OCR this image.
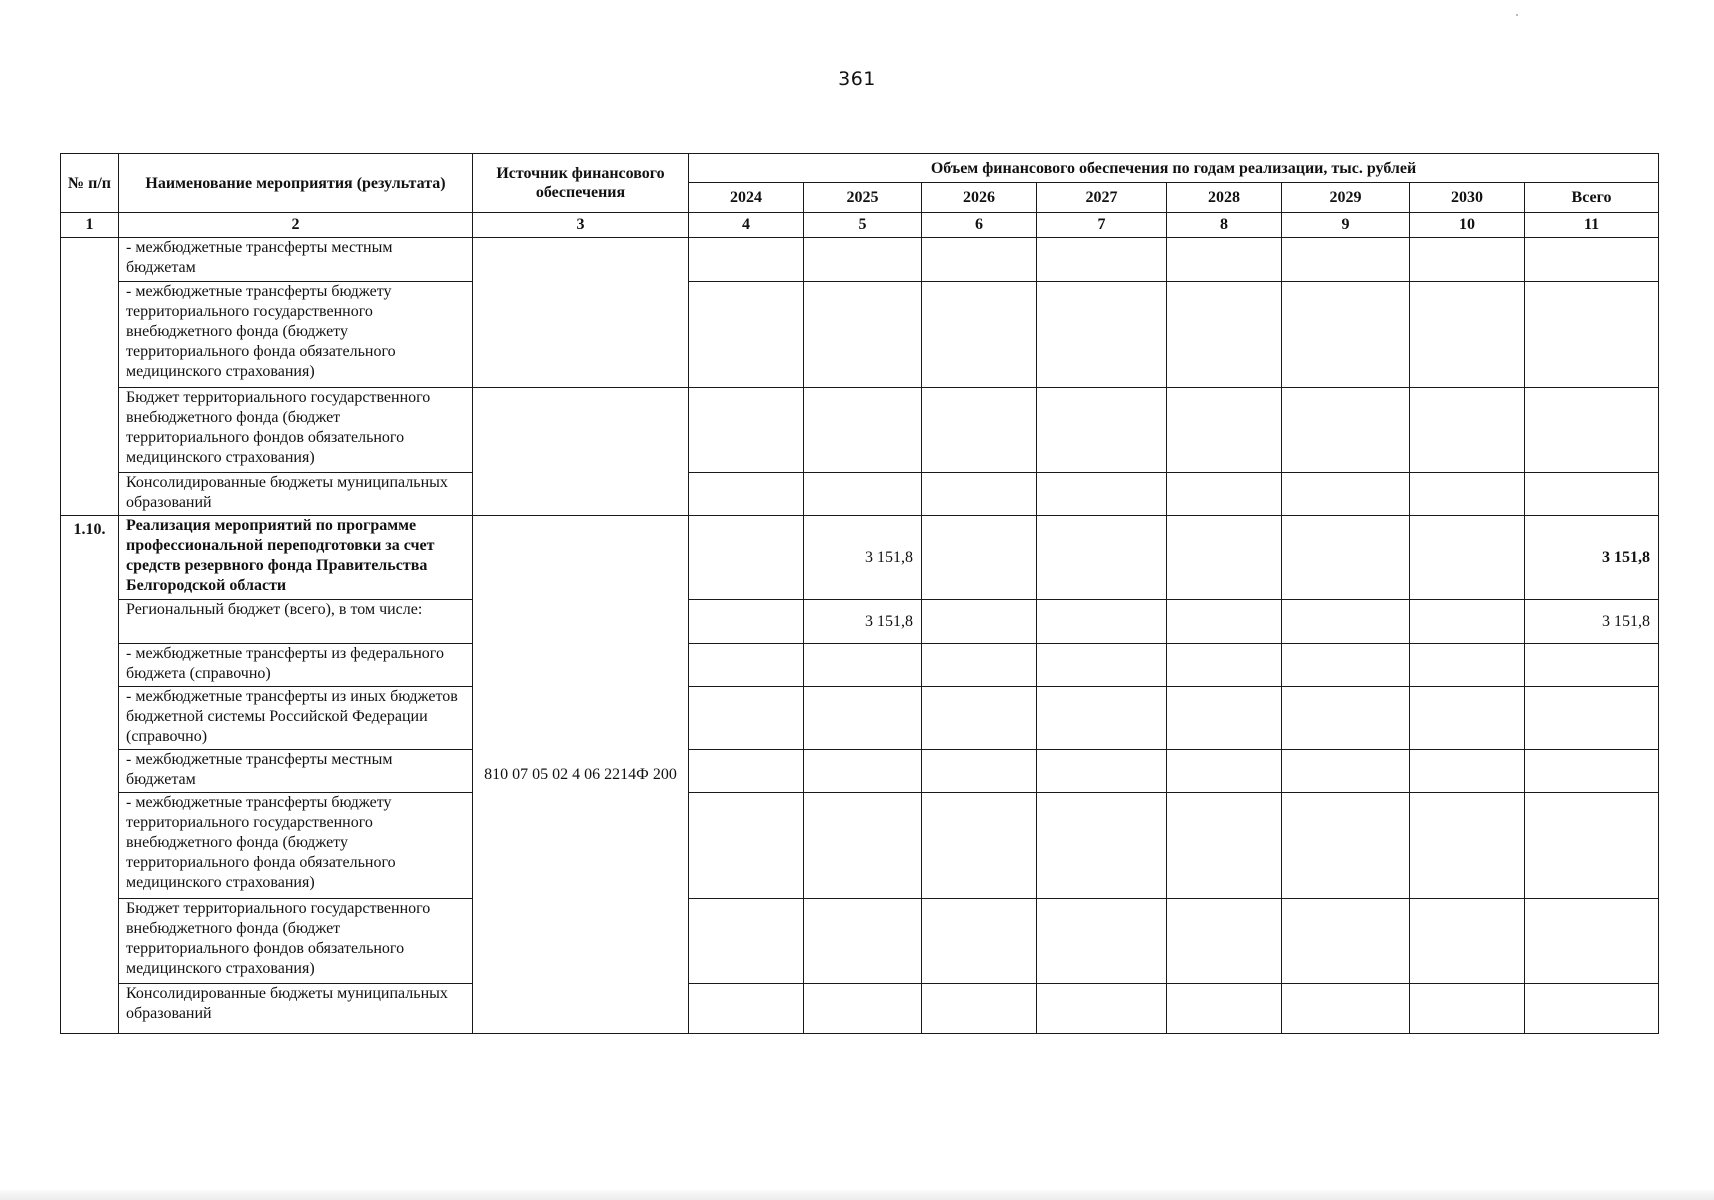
361
№ п/п	Наименование мероприятия (результата)	Источник финансового обеспечения	Объем финансового обеспечения по годам реализации, тыс. рублей							
			2024	2025	2026	2027	2028	2029	2030	Всего
1	2	3	4	5	6	7	8	9	10	11
	- межбюджетные трансферты местным бюджетам									
	- межбюджетные трансферты бюджету территориального государственного внебюджетного фонда (бюджету территориального фонда обязательного медицинского страхования)									
	Бюджет территориального государственного внебюджетного фонда (бюджет территориального фондов обязательного медицинского страхования)									
	Консолидированные бюджеты муниципальных образований									
1.10.	Реализация мероприятий по программе профессиональной переподготовки за счет средств резервного фонда Правительства Белгородской области	810 07 05 02 4 06 2214Ф 200		3 151,8						3 151,8
	Региональный бюджет (всего), в том числе:			3 151,8						3 151,8
	- межбюджетные трансферты из федерального бюджета (справочно)									
	- межбюджетные трансферты из иных бюджетов бюджетной системы Российской Федерации (справочно)									
	- межбюджетные трансферты местным бюджетам									
	- межбюджетные трансферты бюджету территориального государственного внебюджетного фонда (бюджету территориального фонда обязательного медицинского страхования)									
	Бюджет территориального государственного внебюджетного фонда (бюджет территориального фондов обязательного медицинского страхования)									
	Консолидированные бюджеты муниципальных образований									
